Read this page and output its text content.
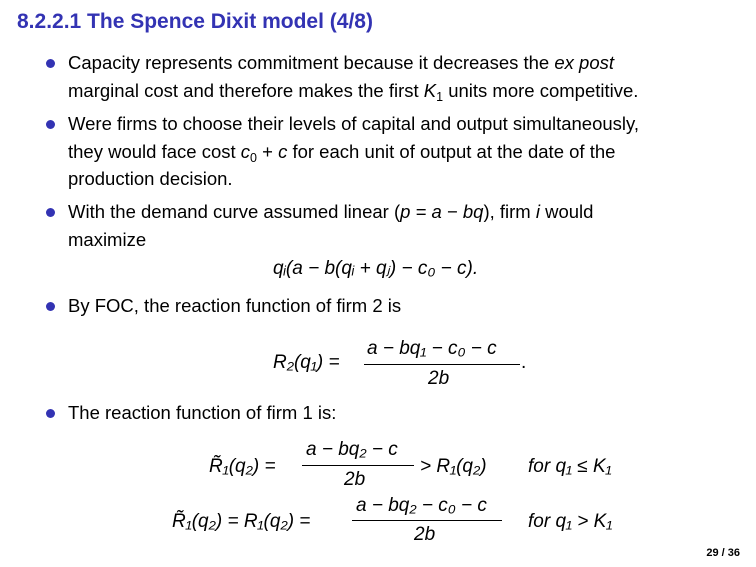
8.2.2.1 The Spence Dixit model (4/8)
Capacity represents commitment because it decreases the ex post
marginal cost and therefore makes the first $K_1$ units more competitive.
Were firms to choose their levels of capital and output simultaneously,
they would face cost $c_0 + c$ for each unit of output at the date of the
production decision.
With the demand curve assumed linear (p = a − bq), firm i would
maximize
qᵢ(a − b(qᵢ + qⱼ) − c₀ − c).
By FOC, the reaction function of firm 2 is
R₂(q₁) =
a − bq₁ − c₀ − c
2b
.
The reaction function of firm 1 is:
R̃₁(q₂) =
a − bq₂ − c
2b
> R₁(q₂) for q₁ ≤ K₁
R̃₁(q₂) = R₁(q₂) =
a − bq₂ − c₀ − c
2b
for q₁ > K₁
29 / 36
